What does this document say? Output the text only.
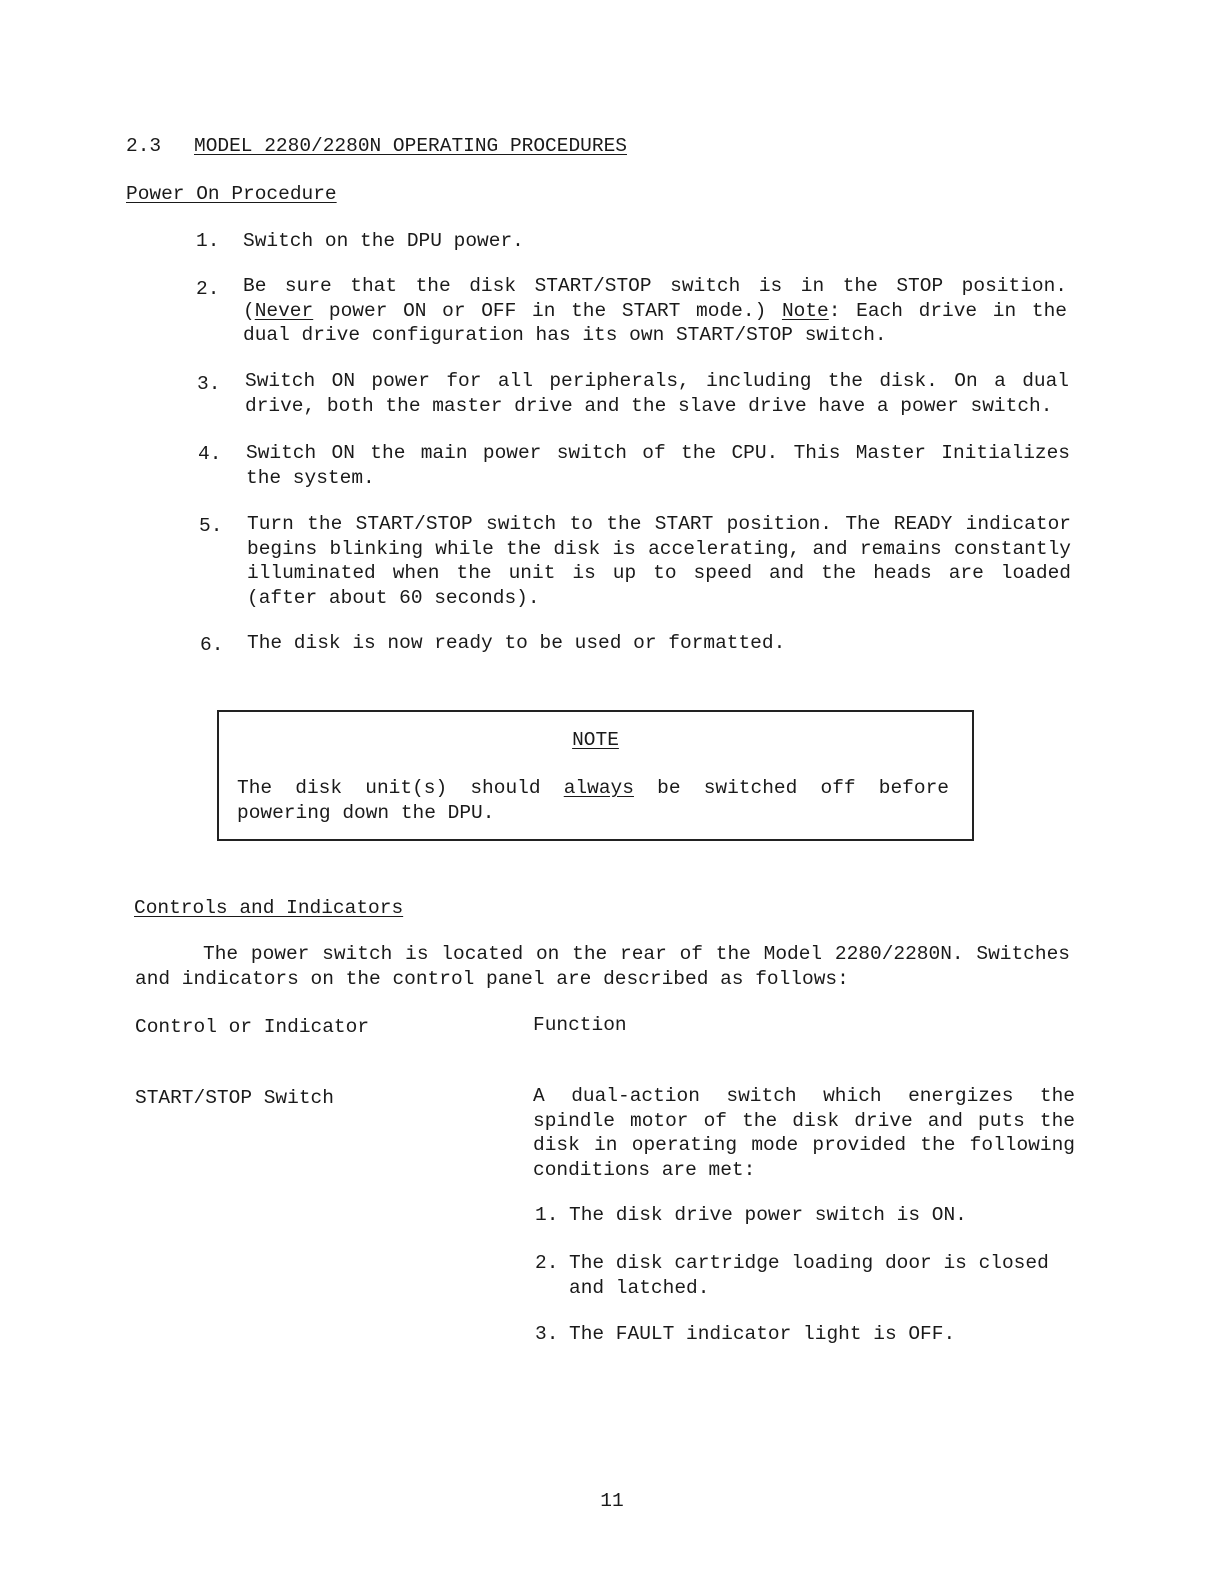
2.3 MODEL 2280/2280N OPERATING PROCEDURES
Power On Procedure
1. Switch on the DPU power.
2. Be sure that the disk START/STOP switch is in the STOP position. (Never power ON or OFF in the START mode.) Note: Each drive in the dual drive configuration has its own START/STOP switch.
3. Switch ON power for all peripherals, including the disk. On a dual drive, both the master drive and the slave drive have a power switch.
4. Switch ON the main power switch of the CPU. This Master Initializes the system.
5. Turn the START/STOP switch to the START position. The READY indicator begins blinking while the disk is accelerating, and remains constantly illuminated when the unit is up to speed and the heads are loaded (after about 60 seconds).
6. The disk is now ready to be used or formatted.
NOTE
The disk unit(s) should always be switched off before powering down the DPU.
Controls and Indicators
The power switch is located on the rear of the Model 2280/2280N. Switches and indicators on the control panel are described as follows:
Control or Indicator	Function
START/STOP Switch	A dual-action switch which energizes the spindle motor of the disk drive and puts the disk in operating mode provided the following conditions are met:
1. The disk drive power switch is ON.
2. The disk cartridge loading door is closed and latched.
3. The FAULT indicator light is OFF.
11
